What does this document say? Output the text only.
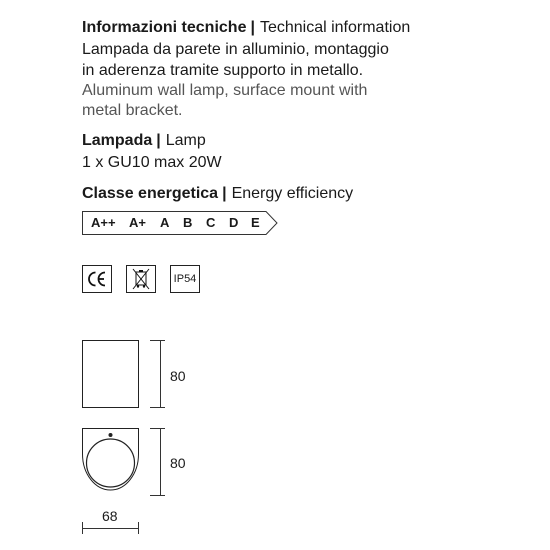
Informazioni tecniche | Technical information
Lampada da parete in alluminio, montaggio
in aderenza tramite supporto in metallo.
Aluminum wall lamp, surface mount with
metal bracket.
Lampada | Lamp
1 x GU10 max 20W
Classe energetica | Energy efficiency
A++ A+ A B C D E
IP54
80
80
68
